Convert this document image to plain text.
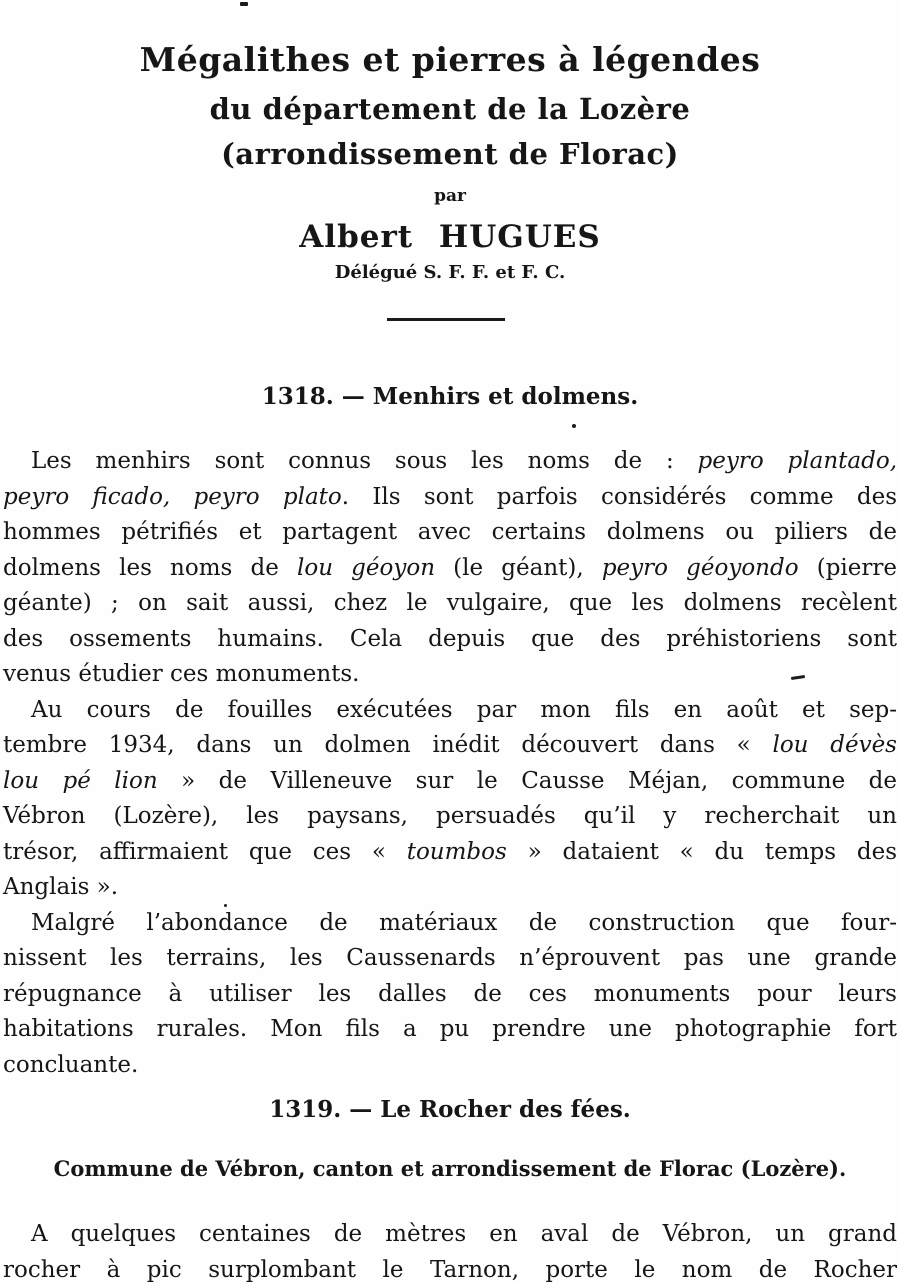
Mégalithes et pierres à légendes
du département de la Lozère
(arrondissement de Florac)
par
Albert HUGUES
Délégué S. F. F. et F. C.
1318. — Menhirs et dolmens.
Les menhirs sont connus sous les noms de : peyro plantado,
peyro ficado, peyro plato. Ils sont parfois considérés comme des
hommes pétrifiés et partagent avec certains dolmens ou piliers de
dolmens les noms de lou géoyon (le géant), peyro géoyondo (pierre
géante) ; on sait aussi, chez le vulgaire, que les dolmens recèlent
des ossements humains. Cela depuis que des préhistoriens sont
venus étudier ces monuments.
Au cours de fouilles exécutées par mon fils en août et sep-
tembre 1934, dans un dolmen inédit découvert dans « lou dévès
lou pé lion » de Villeneuve sur le Causse Méjan, commune de
Vébron (Lozère), les paysans, persuadés qu’il y recherchait un
trésor, affirmaient que ces « toumbos » dataient « du temps des
Anglais ».
Malgré l’abondance de matériaux de construction que four-
nissent les terrains, les Caussenards n’éprouvent pas une grande
répugnance à utiliser les dalles de ces monuments pour leurs
habitations rurales. Mon fils a pu prendre une photographie fort
concluante.
1319. — Le Rocher des fées.
Commune de Vébron, canton et arrondissement de Florac (Lozère).
A quelques centaines de mètres en aval de Vébron, un grand
rocher à pic surplombant le Tarnon, porte le nom de Rocher
